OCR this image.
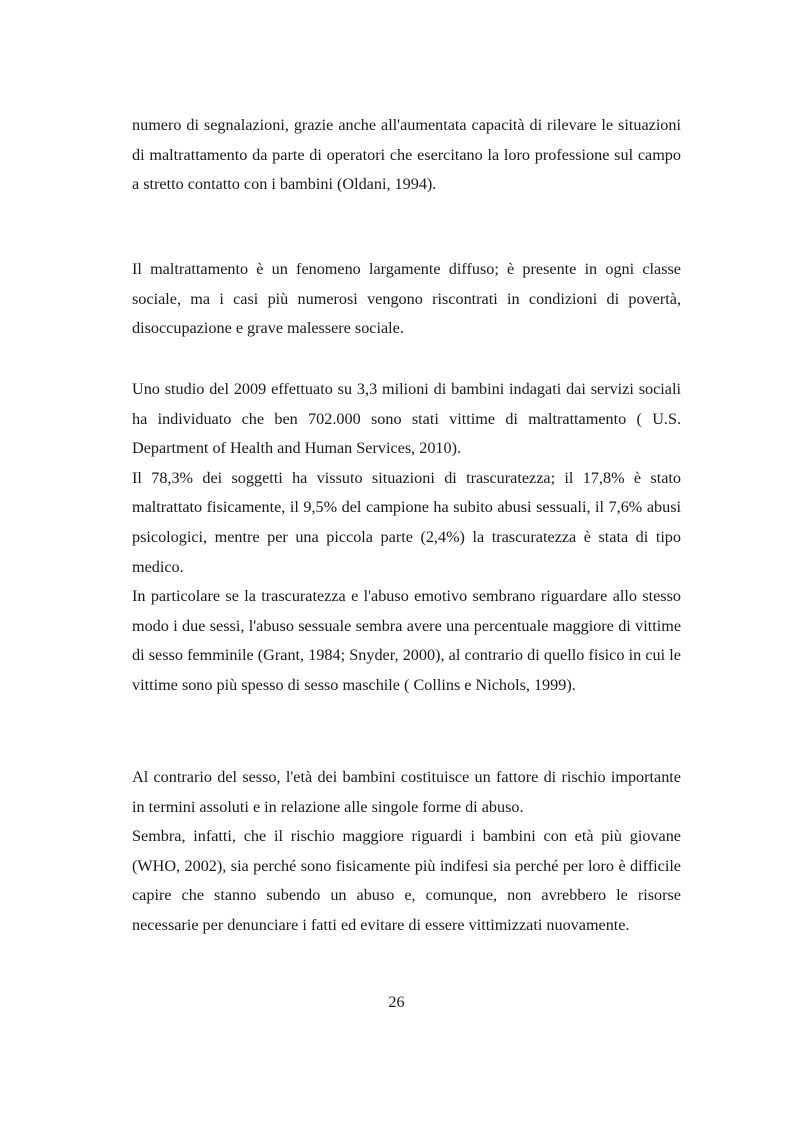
numero di segnalazioni, grazie anche all'aumentata capacità di rilevare le situazioni di maltrattamento da parte di operatori che esercitano la loro professione sul campo a stretto contatto con i bambini (Oldani, 1994).

Il maltrattamento è un fenomeno largamente diffuso; è presente in ogni classe sociale, ma i casi più numerosi vengono riscontrati in condizioni di povertà, disoccupazione e grave malessere sociale.

Uno studio del 2009 effettuato su 3,3 milioni di bambini indagati dai servizi sociali ha individuato che ben 702.000 sono stati vittime di maltrattamento ( U.S. Department of Health and Human Services, 2010).

Il 78,3% dei soggetti ha vissuto situazioni di trascuratezza; il 17,8% è stato maltrattato fisicamente, il 9,5% del campione ha subito abusi sessuali, il 7,6% abusi psicologici, mentre per una piccola parte (2,4%) la trascuratezza è stata di tipo medico.

In particolare se la trascuratezza e l'abuso emotivo sembrano riguardare allo stesso modo i due sessi, l'abuso sessuale sembra avere una percentuale maggiore di vittime di sesso femminile (Grant, 1984; Snyder, 2000), al contrario di quello fisico in cui le vittime sono più spesso di sesso maschile ( Collins e Nichols, 1999).

Al contrario del sesso, l'età dei bambini costituisce un fattore di rischio importante in termini assoluti e in relazione alle singole forme di abuso.

Sembra, infatti, che il rischio maggiore riguardi i bambini con età più giovane (WHO, 2002), sia perché sono fisicamente più indifesi sia perché per loro è difficile capire che stanno subendo un abuso e, comunque, non avrebbero le risorse necessarie per denunciare i fatti ed evitare di essere vittimizzati nuovamente.

26
